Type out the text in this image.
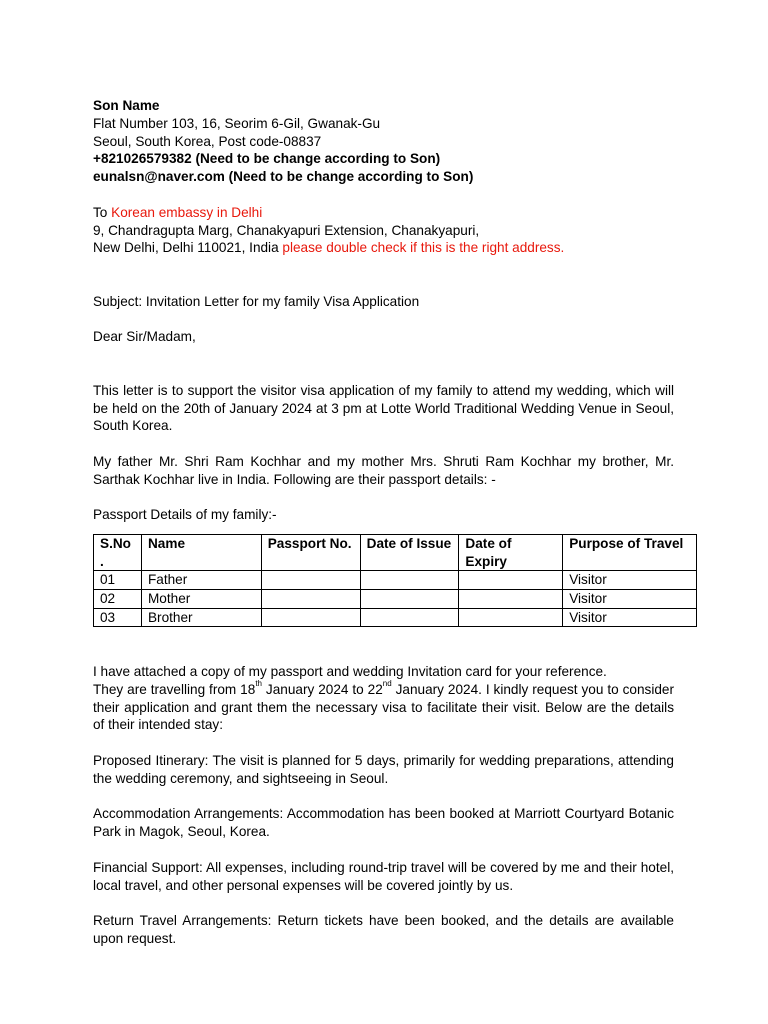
Son Name
Flat Number 103, 16, Seorim 6-Gil, Gwanak-Gu
Seoul, South Korea, Post code-08837
+821026579382 (Need to be change according to Son)
eunalsn@naver.com (Need to be change according to Son)
To Korean embassy in Delhi
9, Chandragupta Marg, Chanakyapuri Extension, Chanakyapuri,
New Delhi, Delhi 110021, India please double check if this is the right address.
Subject: Invitation Letter for my family Visa Application
Dear Sir/Madam,
This letter is to support the visitor visa application of my family to attend my wedding, which will be held on the 20th of January 2024 at 3 pm at Lotte World Traditional Wedding Venue in Seoul, South Korea.
My father Mr. Shri Ram Kochhar and my mother Mrs. Shruti Ram Kochhar my brother, Mr. Sarthak Kochhar live in India. Following are their passport details: -
Passport Details of my family:-
S.No .	Name	Passport No.	Date of Issue	Date of Expiry	Purpose of Travel
01	Father				Visitor
02	Mother				Visitor
03	Brother				Visitor
I have attached a copy of my passport and wedding Invitation card for your reference.
They are travelling from 18th January 2024 to 22nd January 2024. I kindly request you to consider their application and grant them the necessary visa to facilitate their visit. Below are the details of their intended stay:
Proposed Itinerary: The visit is planned for 5 days, primarily for wedding preparations, attending the wedding ceremony, and sightseeing in Seoul.
Accommodation Arrangements: Accommodation has been booked at Marriott Courtyard Botanic Park in Magok, Seoul, Korea.
Financial Support: All expenses, including round-trip travel will be covered by me and their hotel, local travel, and other personal expenses will be covered jointly by us.
Return Travel Arrangements: Return tickets have been booked, and the details are available upon request.
